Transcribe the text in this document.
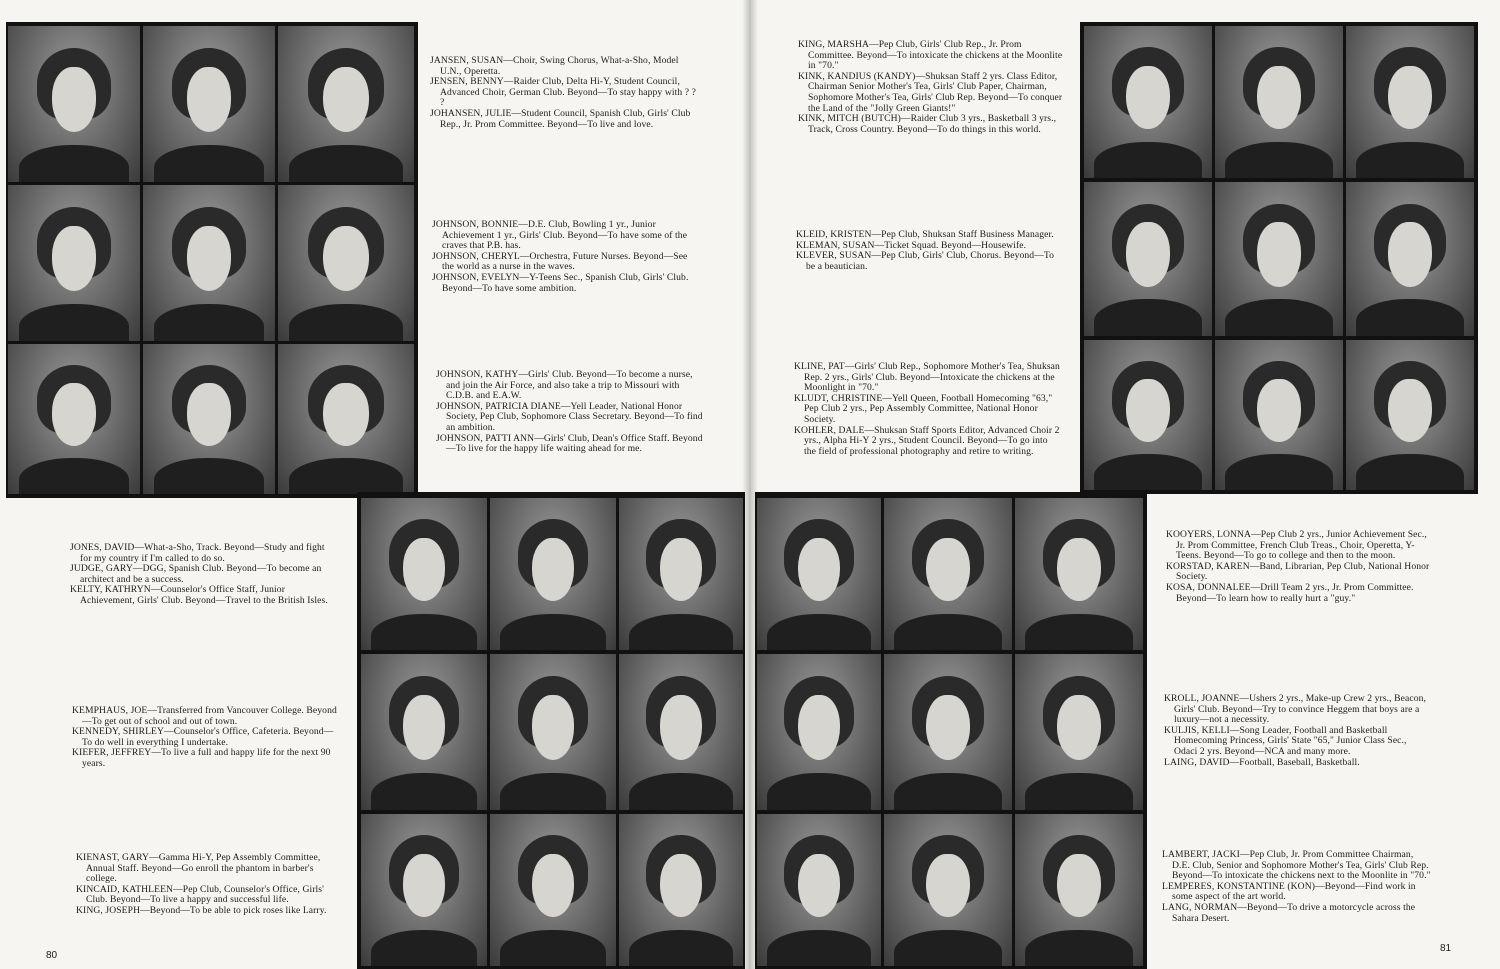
JANSEN, SUSAN—Choir, Swing Chorus, What-a-Sho, Model U.N., Operetta.

JENSEN, BENNY—Raider Club, Delta Hi-Y, Student Council, Advanced Choir, German Club. Beyond—To stay happy with ? ? ?

JOHANSEN, JULIE—Student Council, Spanish Club, Girls' Club Rep., Jr. Prom Committee. Beyond—To live and love.

JOHNSON, BONNIE—D.E. Club, Bowling 1 yr., Junior Achievement 1 yr., Girls' Club. Beyond—To have some of the craves that P.B. has.

JOHNSON, CHERYL—Orchestra, Future Nurses. Beyond—See the world as a nurse in the waves.

JOHNSON, EVELYN—Y-Teens Sec., Spanish Club, Girls' Club. Beyond—To have some ambition.

JOHNSON, KATHY—Girls' Club. Beyond—To become a nurse, and join the Air Force, and also take a trip to Missouri with C.D.B. and E.A.W.

JOHNSON, PATRICIA DIANE—Yell Leader, National Honor Society, Pep Club, Sophomore Class Secretary. Beyond—To find an ambition.

JOHNSON, PATTI ANN—Girls' Club, Dean's Office Staff. Beyond—To live for the happy life waiting ahead for me.

JONES, DAVID—What-a-Sho, Track. Beyond—Study and fight for my country if I'm called to do so.

JUDGE, GARY—DGG, Spanish Club. Beyond—To become an architect and be a success.

KELTY, KATHRYN—Counselor's Office Staff, Junior Achievement, Girls' Club. Beyond—Travel to the British Isles.

KEMPHAUS, JOE—Transferred from Vancouver College. Beyond—To get out of school and out of town.

KENNEDY, SHIRLEY—Counselor's Office, Cafeteria. Beyond—To do well in everything I undertake.

KIEFER, JEFFREY—To live a full and happy life for the next 90 years.

KIENAST, GARY—Gamma Hi-Y, Pep Assembly Committee, Annual Staff. Beyond—Go enroll the phantom in barber's college.

KINCAID, KATHLEEN—Pep Club, Counselor's Office, Girls' Club. Beyond—To live a happy and successful life.

KING, JOSEPH—Beyond—To be able to pick roses like Larry.

KING, MARSHA—Pep Club, Girls' Club Rep., Jr. Prom Committee. Beyond—To intoxicate the chickens at the Moonlite in "70."

KINK, KANDIUS (KANDY)—Shuksan Staff 2 yrs. Class Editor, Chairman Senior Mother's Tea, Girls' Club Paper, Chairman, Sophomore Mother's Tea, Girls' Club Rep. Beyond—To conquer the Land of the "Jolly Green Giants!"

KINK, MITCH (BUTCH)—Raider Club 3 yrs., Basketball 3 yrs., Track, Cross Country. Beyond—To do things in this world.

KLEID, KRISTEN—Pep Club, Shuksan Staff Business Manager.

KLEMAN, SUSAN—Ticket Squad. Beyond—Housewife.

KLEVER, SUSAN—Pep Club, Girls' Club, Chorus. Beyond—To be a beautician.

KLINE, PAT—Girls' Club Rep., Sophomore Mother's Tea, Shuksan Rep. 2 yrs., Girls' Club. Beyond—Intoxicate the chickens at the Moonlight in "70."

KLUDT, CHRISTINE—Yell Queen, Football Homecoming "63," Pep Club 2 yrs., Pep Assembly Committee, National Honor Society.

KOHLER, DALE—Shuksan Staff Sports Editor, Advanced Choir 2 yrs., Alpha Hi-Y 2 yrs., Student Council. Beyond—To go into the field of professional photography and retire to writing.

KOOYERS, LONNA—Pep Club 2 yrs., Junior Achievement Sec., Jr. Prom Committee, French Club Treas., Choir, Operetta, Y-Teens. Beyond—To go to college and then to the moon.

KORSTAD, KAREN—Band, Librarian, Pep Club, National Honor Society.

KOSA, DONNALEE—Drill Team 2 yrs., Jr. Prom Committee. Beyond—To learn how to really hurt a "guy."

KROLL, JOANNE—Ushers 2 yrs., Make-up Crew 2 yrs., Beacon, Girls' Club. Beyond—Try to convince Heggem that boys are a luxury—not a necessity.

KULJIS, KELLI—Song Leader, Football and Basketball Homecoming Princess, Girls' State "65," Junior Class Sec., Odaci 2 yrs. Beyond—NCA and many more.

LAING, DAVID—Football, Baseball, Basketball.

LAMBERT, JACKI—Pep Club, Jr. Prom Committee Chairman, D.E. Club, Senior and Sophomore Mother's Tea, Girls' Club Rep. Beyond—To intoxicate the chickens next to the Moonlite in "70."

LEMPERES, KONSTANTINE (KON)—Beyond—Find work in some aspect of the art world.

LANG, NORMAN—Beyond—To drive a motorcycle across the Sahara Desert.

80
81
